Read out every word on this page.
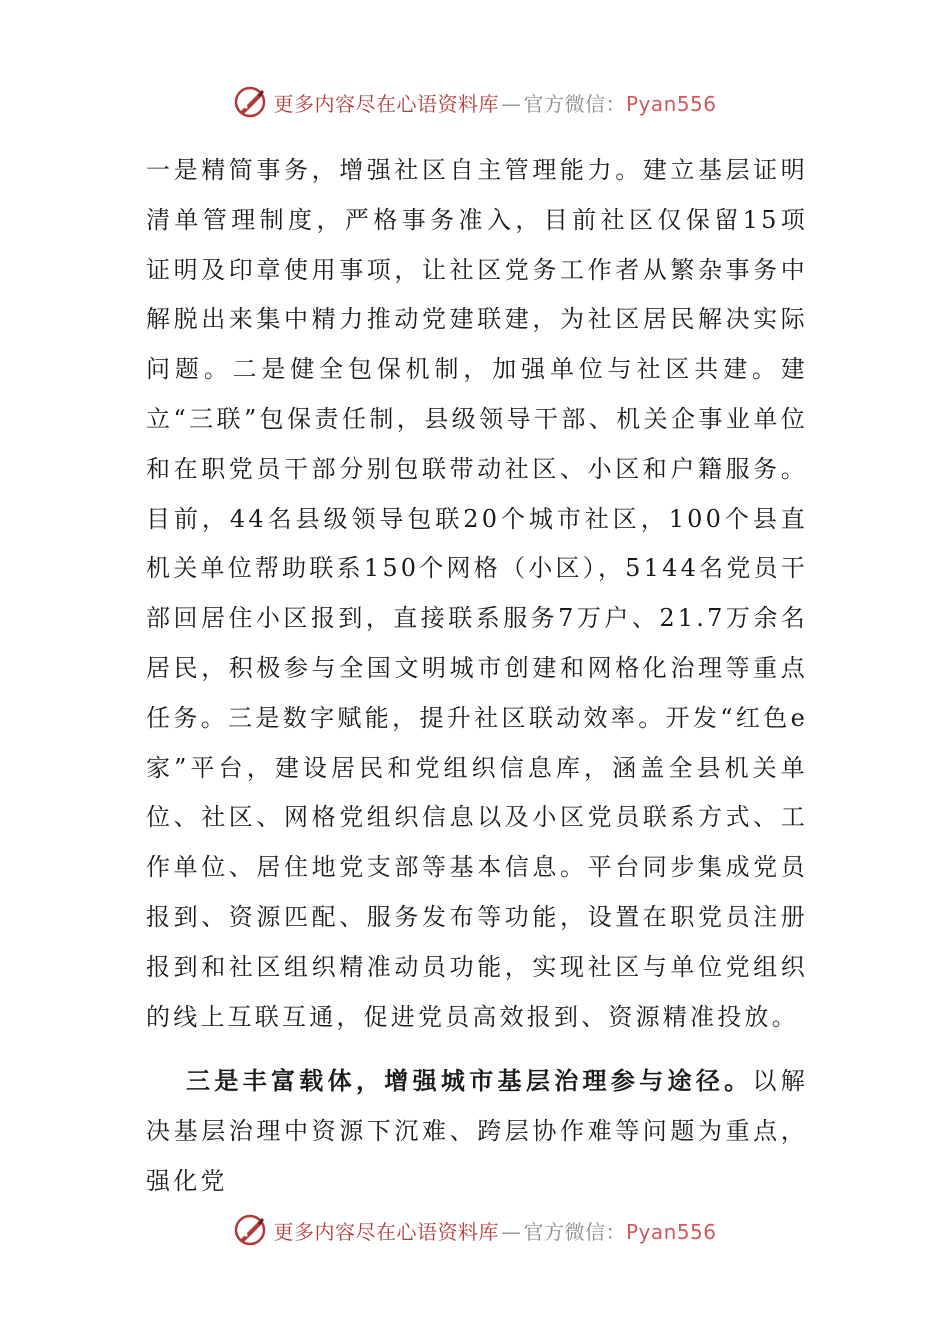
更多内容尽在心语资料库 — 官方微信：Pyan556

一是精简事务，增强社区自主管理能力。建立基层证明清单管理制度，严格事务准入，目前社区仅保留15项证明及印章使用事项，让社区党务工作者从繁杂事务中解脱出来集中精力推动党建联建，为社区居民解决实际问题。二是健全包保机制，加强单位与社区共建。建立“三联”包保责任制，县级领导干部、机关企事业单位和在职党员干部分别包联带动社区、小区和户籍服务。目前，44名县级领导包联20个城市社区，100个县直机关单位帮助联系150个网格（小区），5144名党员干部回居住小区报到，直接联系服务7万户、21.7万余名居民，积极参与全国文明城市创建和网格化治理等重点任务。三是数字赋能，提升社区联动效率。开发“红色e家”平台，建设居民和党组织信息库，涵盖全县机关单位、社区、网格党组织信息以及小区党员联系方式、工作单位、居住地党支部等基本信息。平台同步集成党员报到、资源匹配、服务发布等功能，设置在职党员注册报到和社区组织精准动员功能，实现社区与单位党组织的线上互联互通，促进党员高效报到、资源精准投放。

三是丰富载体，增强城市基层治理参与途径。以解决基层治理中资源下沉难、跨层协作难等问题为重点，强化党

更多内容尽在心语资料库 — 官方微信：Pyan556
